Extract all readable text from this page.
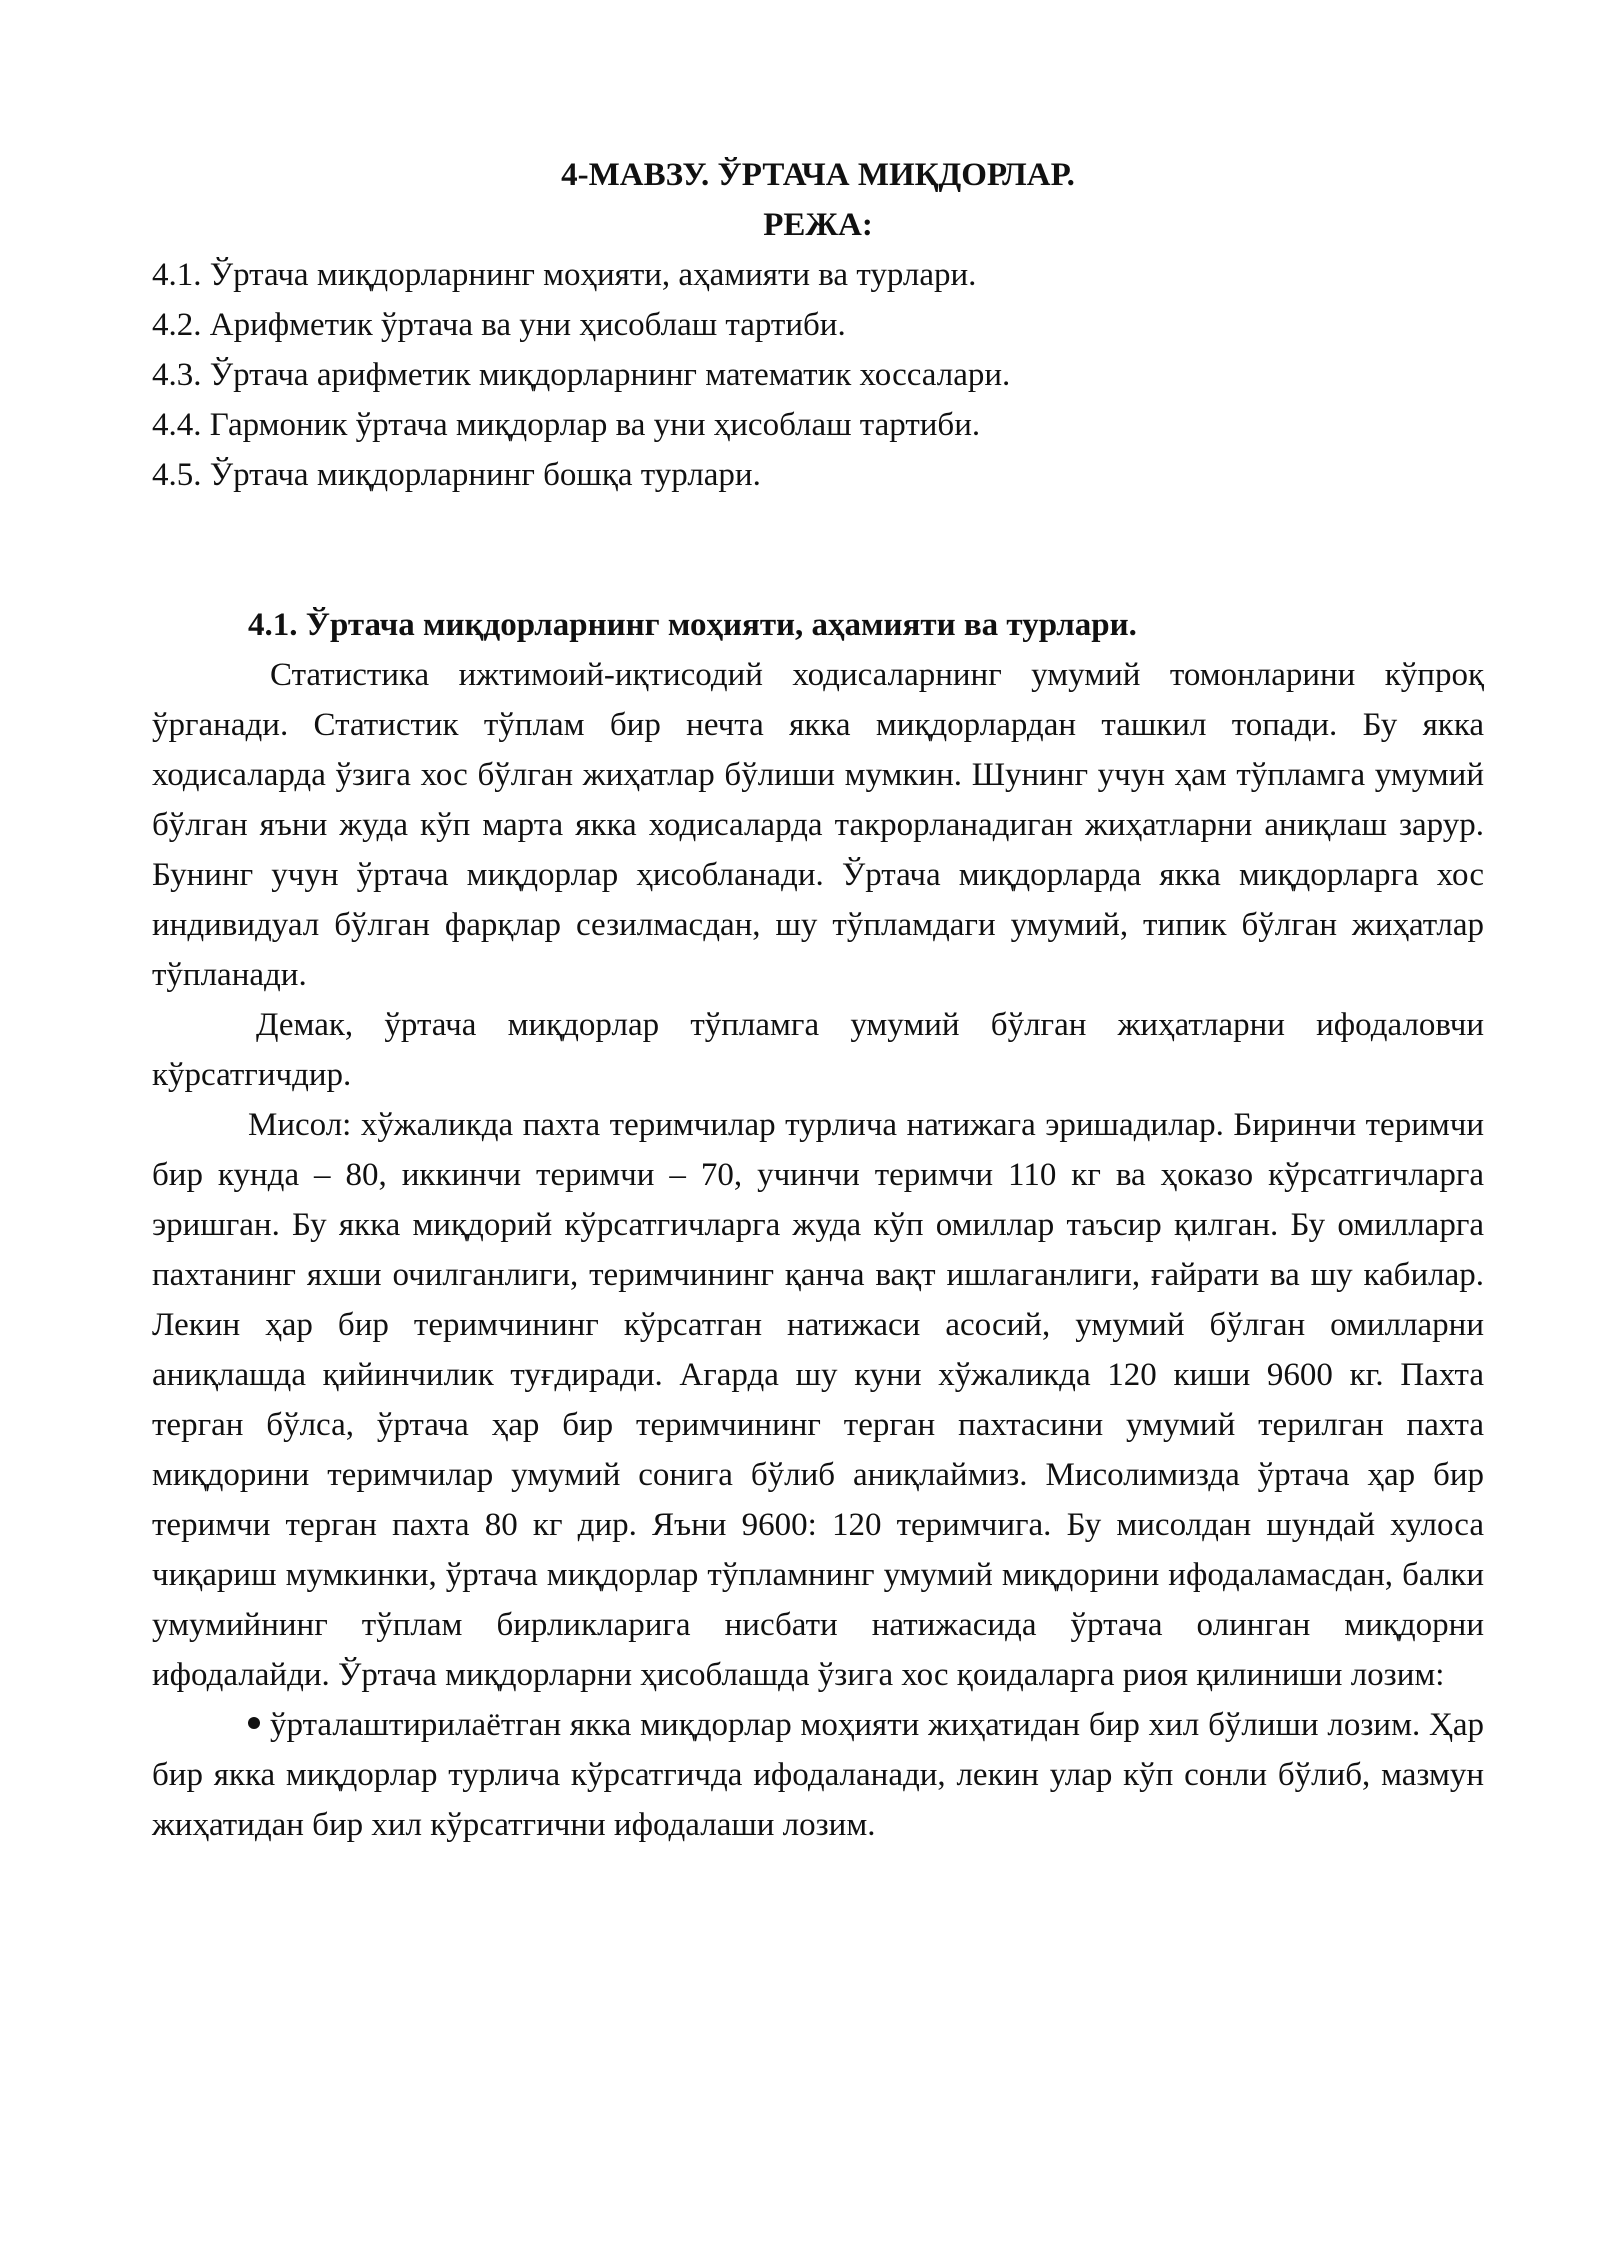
4-МАВЗУ. ЎРТАЧА МИҚДОРЛАР.

РЕЖА:

4.1. Ўртача миқдорларнинг моҳияти, аҳамияти ва турлари.
4.2. Арифметик ўртача ва уни ҳисоблаш тартиби.
4.3. Ўртача арифметик миқдорларнинг математик хоссалари.
4.4. Гармоник ўртача миқдорлар ва уни ҳисоблаш тартиби.
4.5. Ўртача миқдорларнинг бошқа турлари.

4.1. Ўртача миқдорларнинг моҳияти, аҳамияти ва турлари.

Статистика ижтимоий-иқтисодий ходисаларнинг умумий томонларини кўпроқ ўрганади. Статистик тўплам бир нечта якка миқдорлардан ташкил топади. Бу якка ходисаларда ўзига хос бўлган жиҳатлар бўлиши мумкин. Шунинг учун ҳам тўпламга умумий бўлган яъни жуда кўп марта якка ходисаларда такрорланадиган жиҳатларни аниқлаш зарур. Бунинг учун ўртача миқдорлар ҳисобланади. Ўртача миқдорларда якка миқдорларга хос индивидуал бўлган фарқлар сезилмасдан, шу тўпламдаги умумий, типик бўлган жиҳатлар тўпланади.

Демак, ўртача миқдорлар тўпламга умумий бўлган жиҳатларни ифодаловчи кўрсатгичдир.

Мисол: хўжаликда пахта теримчилар турлича натижага эришадилар. Биринчи теримчи бир кунда – 80, иккинчи теримчи – 70, учинчи теримчи 110 кг ва ҳоказо кўрсатгичларга эришган. Бу якка миқдорий кўрсатгичларга жуда кўп омиллар таъсир қилган. Бу омилларга пахтанинг яхши очилганлиги, теримчининг қанча вақт ишлаганлиги, ғайрати ва шу кабилар. Лекин ҳар бир теримчининг кўрсатган натижаси асосий, умумий бўлган омилларни аниқлашда қийинчилик туғдиради. Агарда шу куни хўжаликда 120 киши 9600 кг. Пахта терган бўлса, ўртача ҳар бир теримчининг терган пахтасини умумий терилган пахта миқдорини теримчилар умумий сонига бўлиб аниқлаймиз. Мисолимизда ўртача ҳар бир теримчи терган пахта 80 кг дир. Яъни 9600: 120 теримчига. Бу мисолдан шундай хулоса чиқариш мумкинки, ўртача миқдорлар тўпламнинг умумий миқдорини ифодаламасдан, балки умумийнинг тўплам бирликларига нисбати натижасида ўртача олинган миқдорни ифодалайди. Ўртача миқдорларни ҳисоблашда ўзига хос қоидаларга риоя қилиниши лозим:

ўрталаштирилаётган якка миқдорлар моҳияти жиҳатидан бир хил бўлиши лозим. Ҳар бир якка миқдорлар турлича кўрсатгичда ифодаланади, лекин улар кўп сонли бўлиб, мазмун жиҳатидан бир хил кўрсатгични ифодалаши лозим.
